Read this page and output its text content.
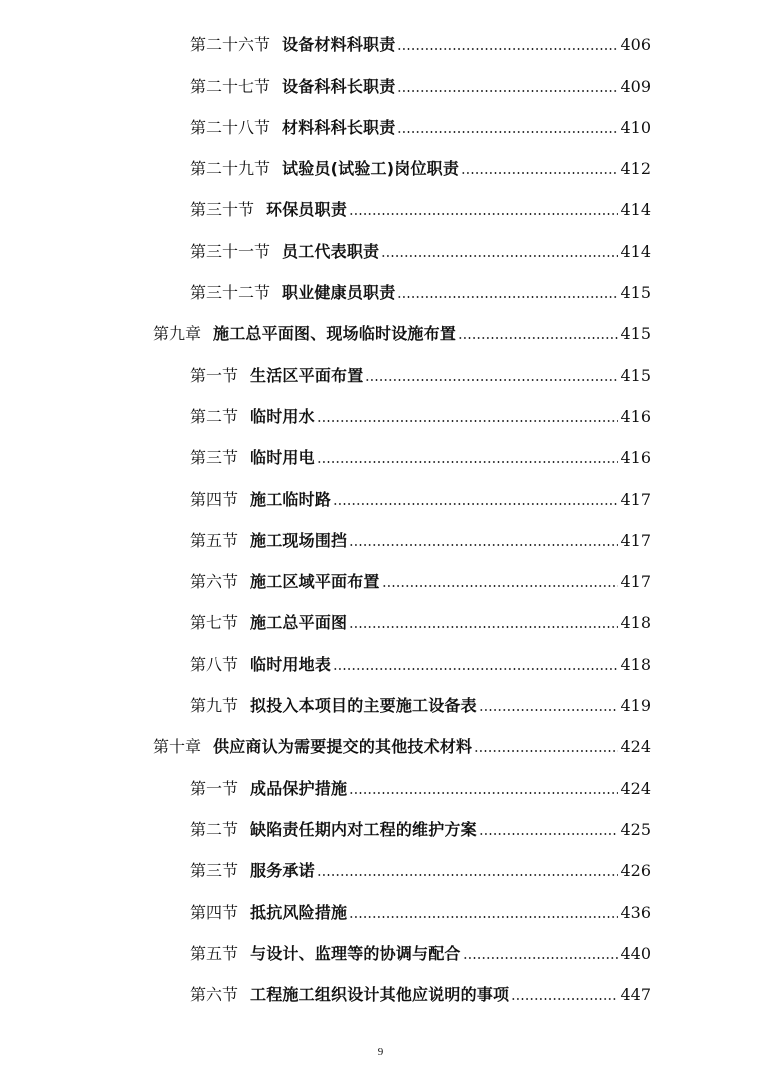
第二十六节 设备材料科职责	406
第二十七节 设备科科长职责	409
第二十八节 材料科科长职责	410
第二十九节 试验员(试验工)岗位职责	412
第三十节 环保员职责	414
第三十一节 员工代表职责	414
第三十二节 职业健康员职责	415
第九章 施工总平面图、现场临时设施布置	415
第一节 生活区平面布置	415
第二节 临时用水	416
第三节 临时用电	416
第四节 施工临时路	417
第五节 施工现场围挡	417
第六节 施工区域平面布置	417
第七节 施工总平面图	418
第八节 临时用地表	418
第九节 拟投入本项目的主要施工设备表	419
第十章 供应商认为需要提交的其他技术材料	424
第一节 成品保护措施	424
第二节 缺陷责任期内对工程的维护方案	425
第三节 服务承诺	426
第四节 抵抗风险措施	436
第五节 与设计、监理等的协调与配合	440
第六节 工程施工组织设计其他应说明的事项	447
9
